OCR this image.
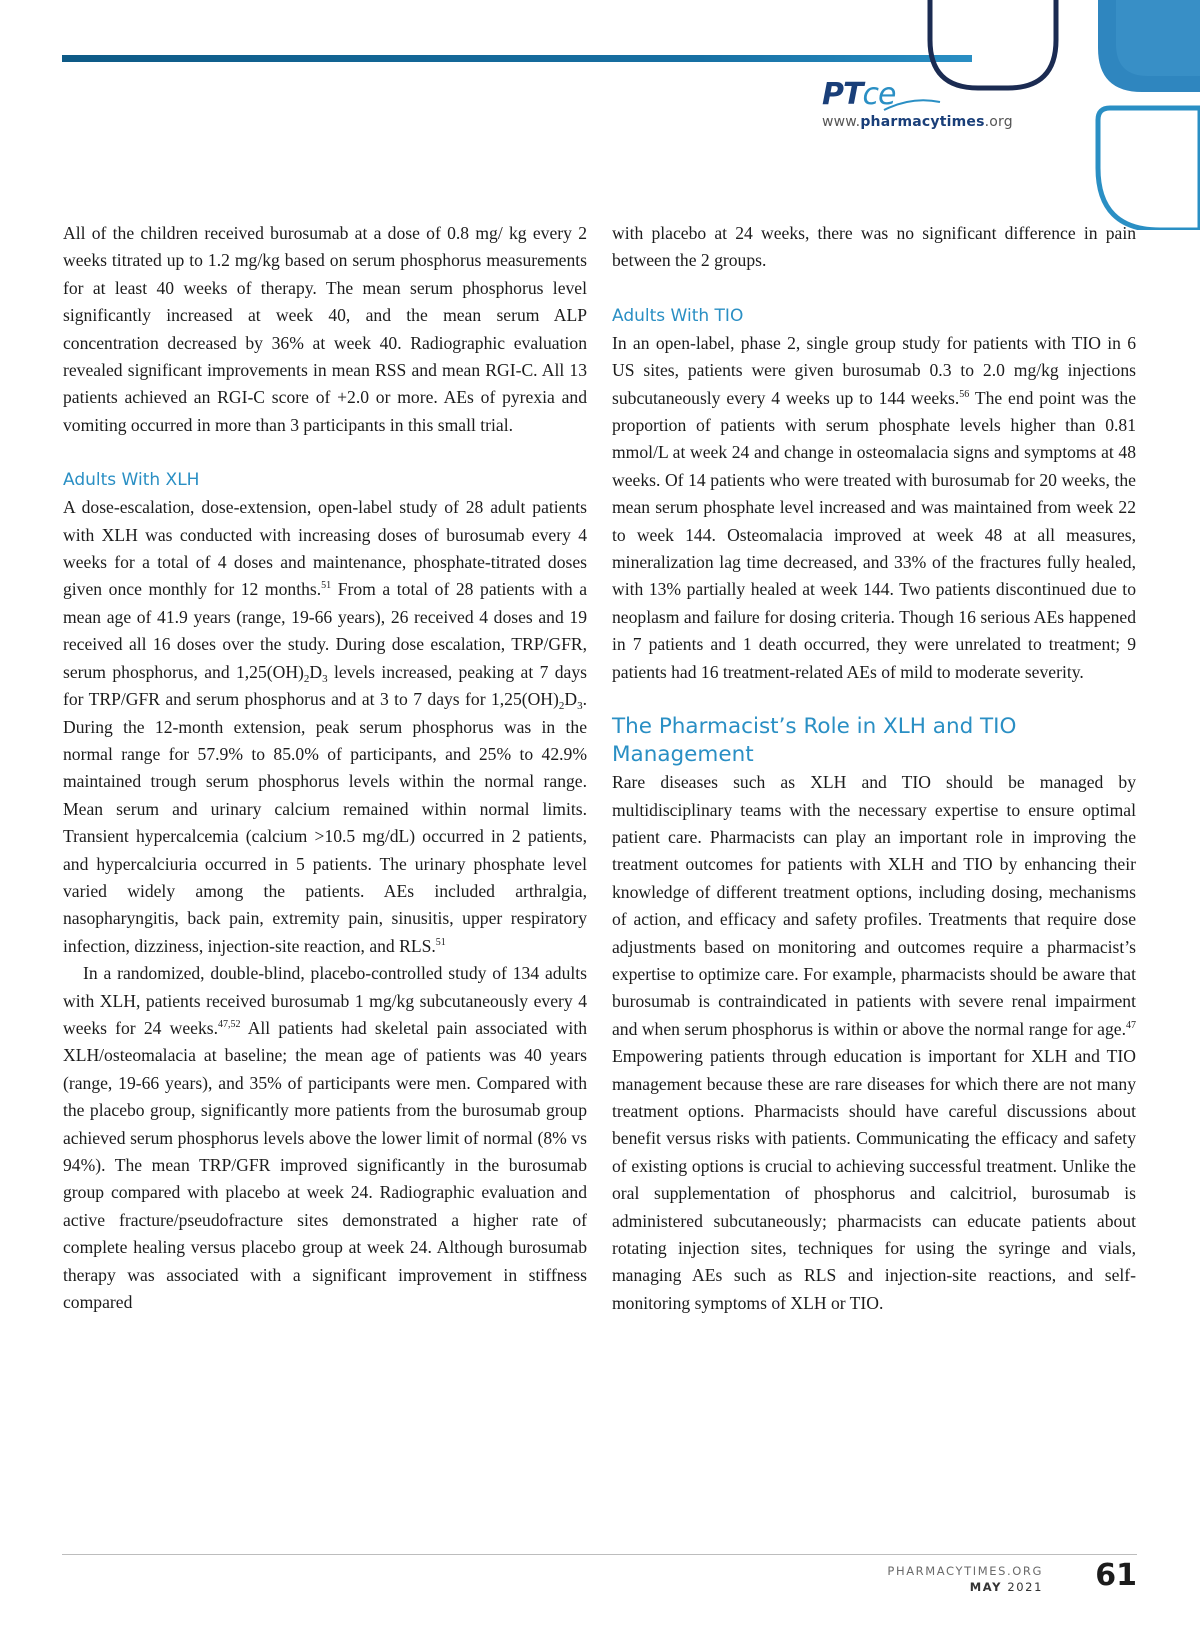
PTce
www.pharmacytimes.org

All of the children received burosumab at a dose of 0.8 mg/ kg every 2 weeks titrated up to 1.2 mg/kg based on serum phosphorus measurements for at least 40 weeks of therapy. The mean serum phosphorus level significantly increased at week 40, and the mean serum ALP concentration decreased by 36% at week 40. Radiographic evaluation revealed significant improvements in mean RSS and mean RGI-C. All 13 patients achieved an RGI-C score of +2.0 or more. AEs of pyrexia and vomiting occurred in more than 3 participants in this small trial.

Adults With XLH

A dose-escalation, dose-extension, open-label study of 28 adult patients with XLH was conducted with increasing doses of burosumab every 4 weeks for a total of 4 doses and maintenance, phosphate-titrated doses given once monthly for 12 months.$^{51}$ From a total of 28 patients with a mean age of 41.9 years (range, 19-66 years), 26 received 4 doses and 19 received all 16 doses over the study. During dose escalation, TRP/GFR, serum phosphorus, and $1,25(OH)_2D_3$ levels increased, peaking at 7 days for TRP/GFR and serum phosphorus and at 3 to 7 days for $1,25(OH)_2D_3$. During the 12-month extension, peak serum phosphorus was in the normal range for 57.9% to 85.0% of participants, and 25% to 42.9% maintained trough serum phosphorus levels within the normal range. Mean serum and urinary calcium remained within normal limits. Transient hypercalcemia (calcium >10.5 mg/dL) occurred in 2 patients, and hypercalciuria occurred in 5 patients. The urinary phosphate level varied widely among the patients. AEs included arthralgia, nasopharyngitis, back pain, extremity pain, sinusitis, upper respiratory infection, dizziness, injection-site reaction, and RLS.$^{51}$

In a randomized, double-blind, placebo-controlled study of 134 adults with XLH, patients received burosumab 1 mg/kg subcutaneously every 4 weeks for 24 weeks.$^{47,52}$ All patients had skeletal pain associated with XLH/osteomalacia at baseline; the mean age of patients was 40 years (range, 19-66 years), and 35% of participants were men. Compared with the placebo group, significantly more patients from the burosumab group achieved serum phosphorus levels above the lower limit of normal (8% vs 94%). The mean TRP/GFR improved significantly in the burosumab group compared with placebo at week 24. Radiographic evaluation and active fracture/pseudofracture sites demonstrated a higher rate of complete healing versus placebo group at week 24. Although burosumab therapy was associated with a significant improvement in stiffness compared

with placebo at 24 weeks, there was no significant difference in pain between the 2 groups.

Adults With TIO

In an open-label, phase 2, single group study for patients with TIO in 6 US sites, patients were given burosumab 0.3 to 2.0 mg/kg injections subcutaneously every 4 weeks up to 144 weeks.$^{56}$ The end point was the proportion of patients with serum phosphate levels higher than 0.81 mmol/L at week 24 and change in osteomalacia signs and symptoms at 48 weeks. Of 14 patients who were treated with burosumab for 20 weeks, the mean serum phosphate level increased and was maintained from week 22 to week 144. Osteomalacia improved at week 48 at all measures, mineralization lag time decreased, and 33% of the fractures fully healed, with 13% partially healed at week 144. Two patients discontinued due to neoplasm and failure for dosing criteria. Though 16 serious AEs happened in 7 patients and 1 death occurred, they were unrelated to treatment; 9 patients had 16 treatment-related AEs of mild to moderate severity.

The Pharmacist’s Role in XLH and TIO Management

Rare diseases such as XLH and TIO should be managed by multidisciplinary teams with the necessary expertise to ensure optimal patient care. Pharmacists can play an important role in improving the treatment outcomes for patients with XLH and TIO by enhancing their knowledge of different treatment options, including dosing, mechanisms of action, and efficacy and safety profiles. Treatments that require dose adjustments based on monitoring and outcomes require a pharmacist’s expertise to optimize care. For example, pharmacists should be aware that burosumab is contraindicated in patients with severe renal impairment and when serum phosphorus is within or above the normal range for age.$^{47}$ Empowering patients through education is important for XLH and TIO management because these are rare diseases for which there are not many treatment options. Pharmacists should have careful discussions about benefit versus risks with patients. Communicating the efficacy and safety of existing options is crucial to achieving successful treatment. Unlike the oral supplementation of phosphorus and calcitriol, burosumab is administered subcutaneously; pharmacists can educate patients about rotating injection sites, techniques for using the syringe and vials, managing AEs such as RLS and injection-site reactions, and self-monitoring symptoms of XLH or TIO.

PHARMACYTIMES.ORG
MAY 2021 61
